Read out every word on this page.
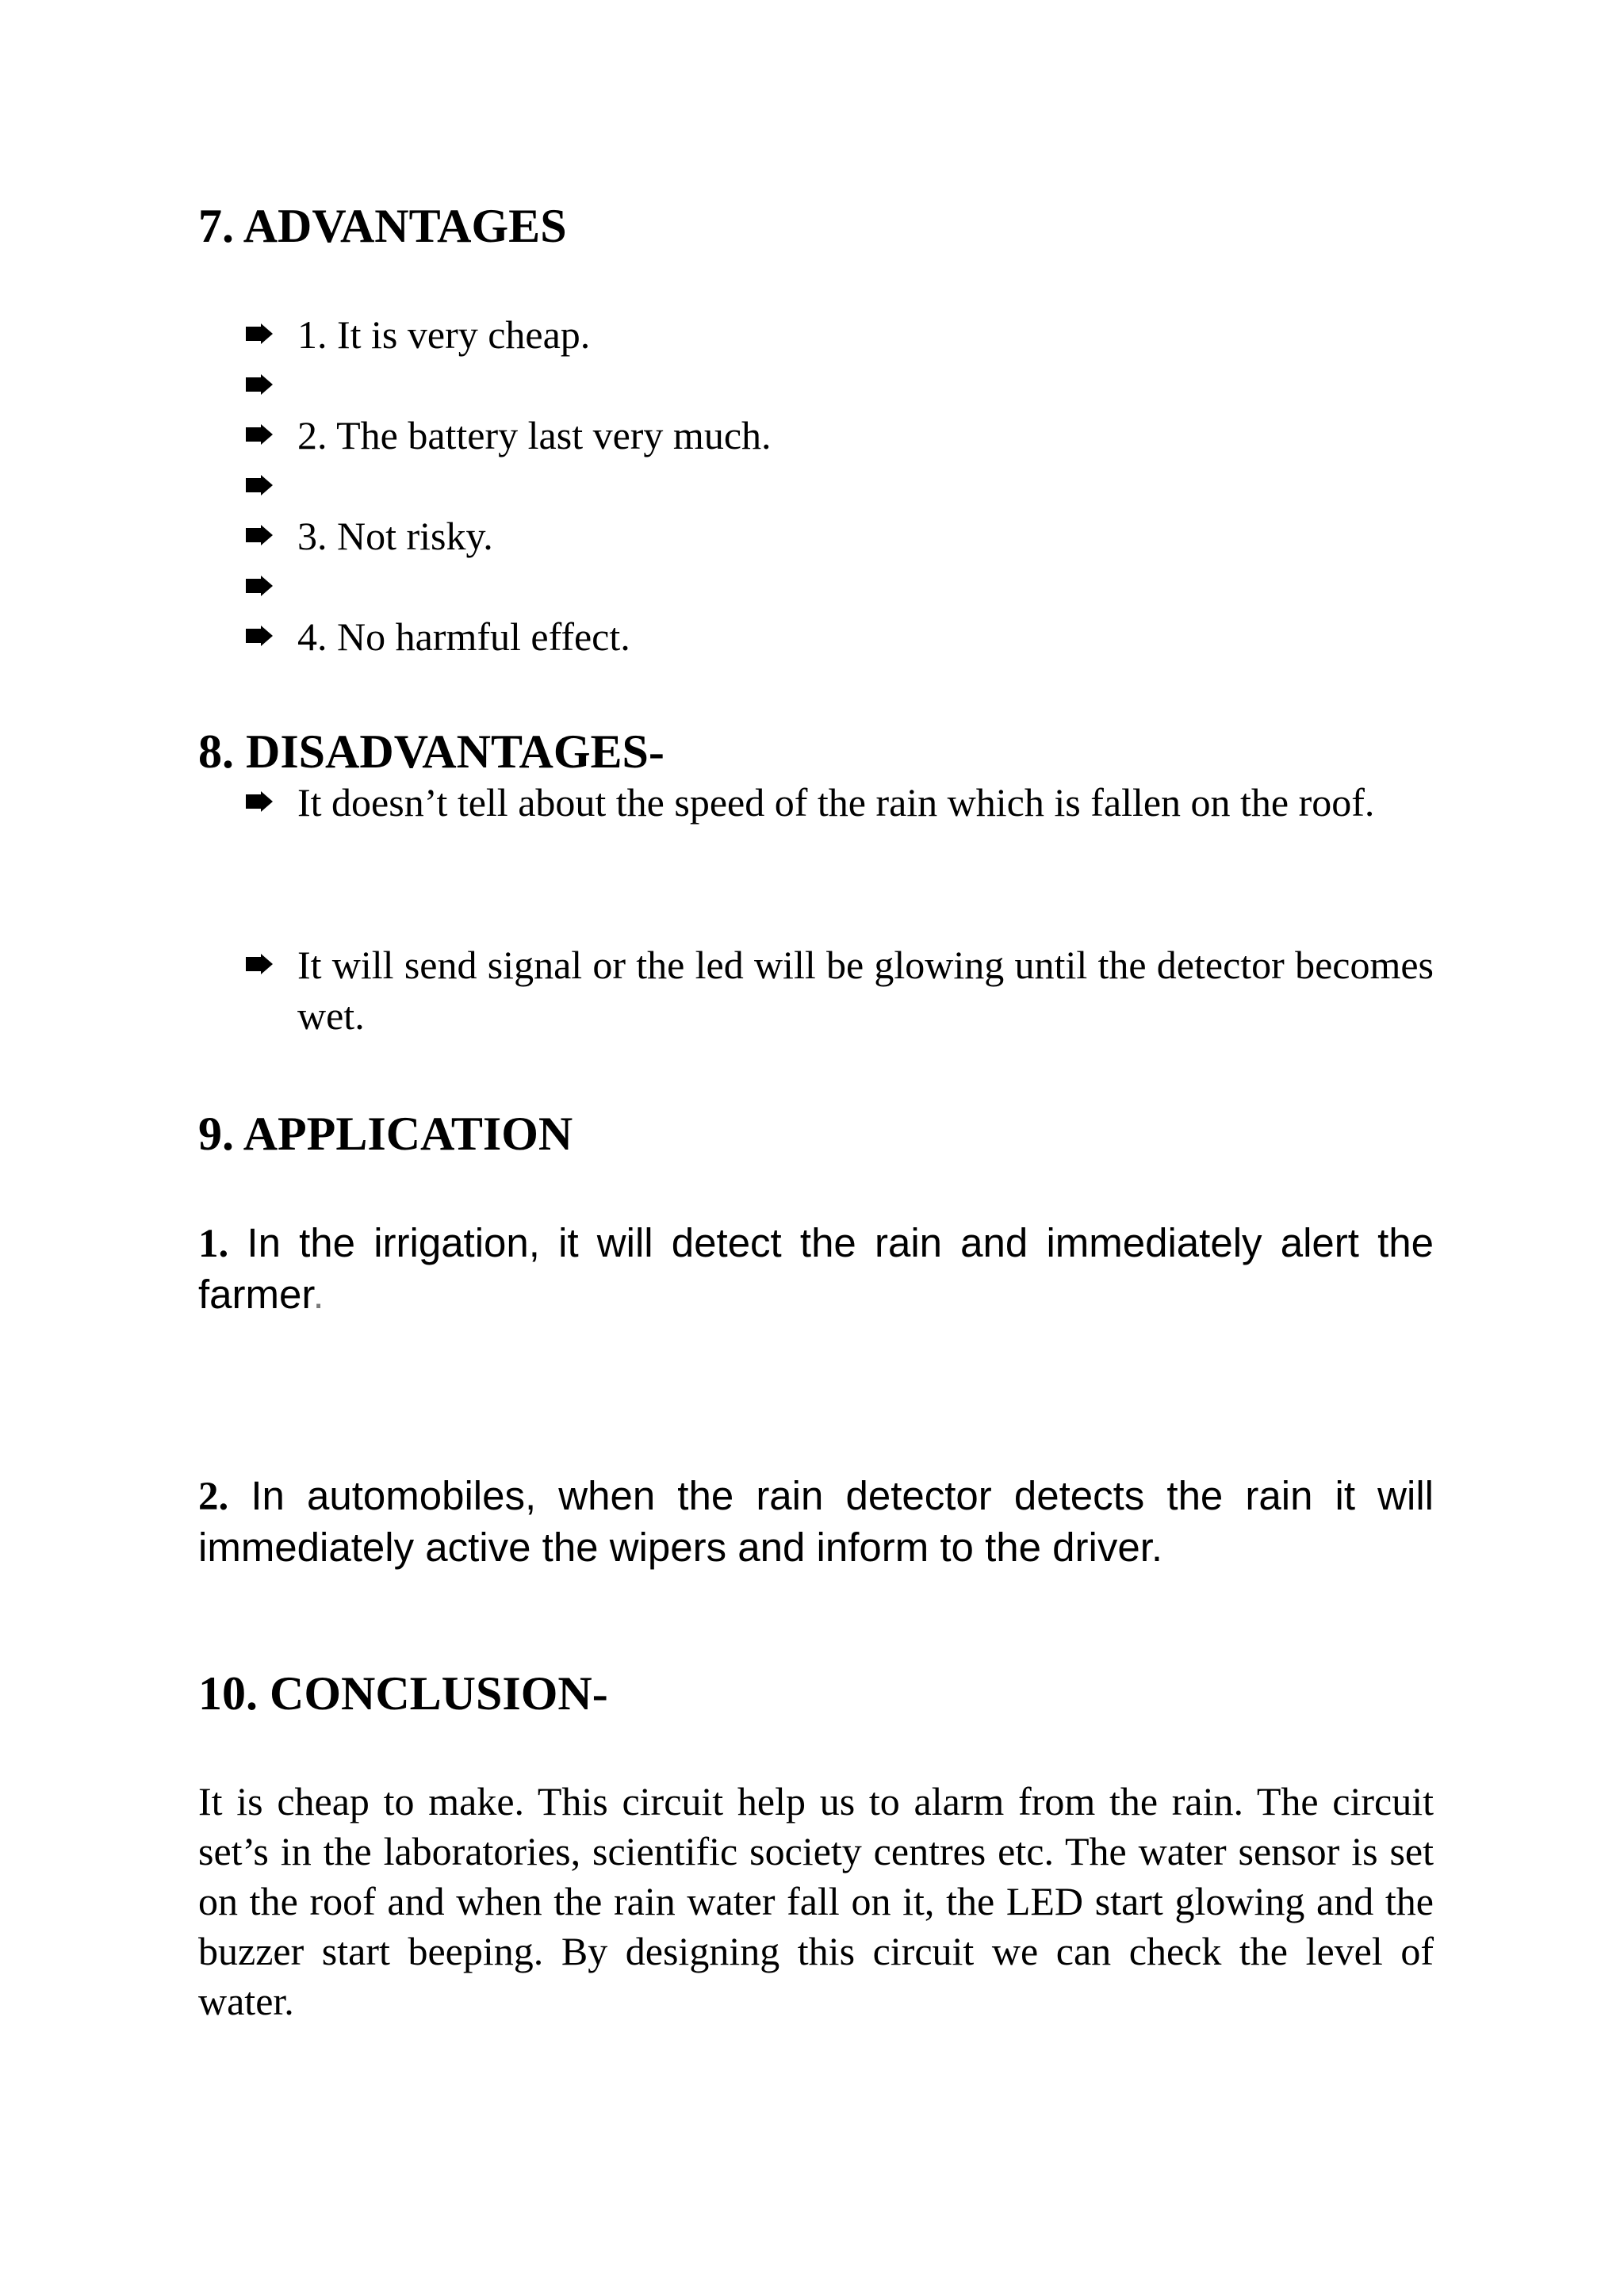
7. ADVANTAGES
1. It is very cheap.
2. The battery last very much.
3. Not risky.
4. No harmful effect.
8. DISADVANTAGES-
It doesn’t tell about the speed of the rain which is fallen on the roof.
It will send signal or the led will be glowing until the detector becomes wet.
9. APPLICATION

1. In the irrigation, it will detect the rain and immediately alert the farmer.

2. In automobiles, when the rain detector detects the rain it will immediately active the wipers and inform to the driver.

10. CONCLUSION-

It is cheap to make. This circuit help us to alarm from the rain. The circuit set’s in the laboratories, scientific society centres etc. The water sensor is set on the roof and when the rain water fall on it, the LED start glowing and the buzzer start beeping. By designing this circuit we can check the level of water.
